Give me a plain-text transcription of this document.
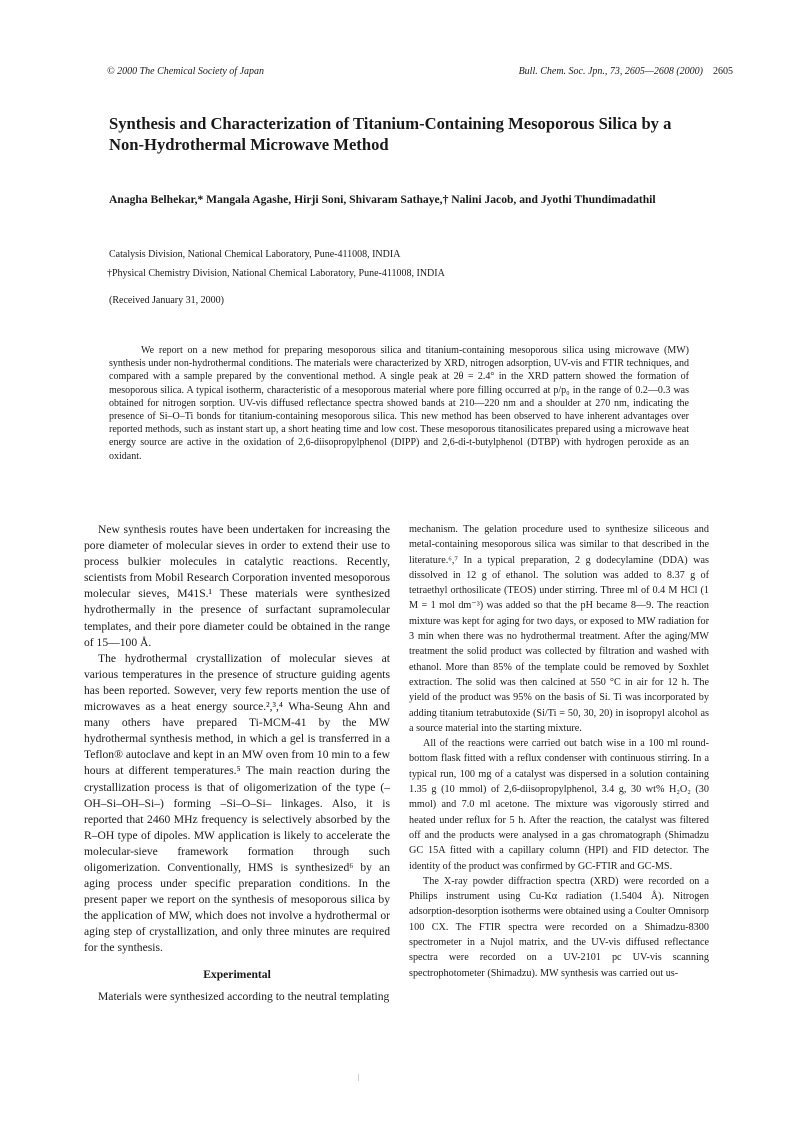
© 2000 The Chemical Society of Japan	Bull. Chem. Soc. Jpn., 73, 2605—2608 (2000) 2605
Synthesis and Characterization of Titanium-Containing Mesoporous Silica by a Non-Hydrothermal Microwave Method

Anagha Belhekar,* Mangala Agashe, Hirji Soni, Shivaram Sathaye,† Nalini Jacob, and Jyothi Thundimadathil

Catalysis Division, National Chemical Laboratory, Pune-411008, INDIA
†Physical Chemistry Division, National Chemical Laboratory, Pune-411008, INDIA
(Received January 31, 2000)

We report on a new method for preparing mesoporous silica and titanium-containing mesoporous silica using microwave (MW) synthesis under non-hydrothermal conditions. The materials were characterized by XRD, nitrogen adsorption, UV-vis and FTIR techniques, and compared with a sample prepared by the conventional method. A single peak at 2θ = 2.4° in the XRD pattern showed the formation of mesoporous silica. A typical isotherm, characteristic of a mesoporous material where pore filling occurred at p/p₀ in the range of 0.2—0.3 was obtained for nitrogen sorption. UV-vis diffused reflectance spectra showed bands at 210—220 nm and a shoulder at 270 nm, indicating the presence of Si–O–Ti bonds for titanium-containing mesoporous silica. This new method has been observed to have inherent advantages over reported methods, such as instant start up, a short heating time and low cost. These mesoporous titanosilicates prepared using a microwave heat energy source are active in the oxidation of 2,6-diisopropylphenol (DIPP) and 2,6-di-t-butylphenol (DTBP) with hydrogen peroxide as an oxidant.

New synthesis routes have been undertaken for increasing the pore diameter of molecular sieves in order to extend their use to process bulkier molecules in catalytic reactions. Recently, scientists from Mobil Research Corporation invented mesoporous molecular sieves, M41S.¹ These materials were synthesized hydrothermally in the presence of surfactant supramolecular templates, and their pore diameter could be obtained in the range of 15—100 Å.

The hydrothermal crystallization of molecular sieves at various temperatures in the presence of structure guiding agents has been reported. Sowever, very few reports mention the use of microwaves as a heat energy source.²,³,⁴ Wha-Seung Ahn and many others have prepared Ti-MCM-41 by the MW hydrothermal synthesis method, in which a gel is transferred in a Teflon® autoclave and kept in an MW oven from 10 min to a few hours at different temperatures.⁵ The main reaction during the crystallization process is that of oligomerization of the type (–OH–Si–OH–Si–) forming –Si–O–Si– linkages. Also, it is reported that 2460 MHz frequency is selectively absorbed by the R–OH type of dipoles. MW application is likely to accelerate the molecular-sieve framework formation through such oligomerization. Conventionally, HMS is synthesized⁶ by an aging process under specific preparation conditions. In the present paper we report on the synthesis of mesoporous silica by the application of MW, which does not involve a hydrothermal or aging step of crystallization, and only three minutes are required for the synthesis.

Experimental

Materials were synthesized according to the neutral templating

mechanism. The gelation procedure used to synthesize siliceous and metal-containing mesoporous silica was similar to that described in the literature.⁶,⁷ In a typical preparation, 2 g dodecylamine (DDA) was dissolved in 12 g of ethanol. The solution was added to 8.37 g of tetraethyl orthosilicate (TEOS) under stirring. Three ml of 0.4 M HCl (1 M = 1 mol dm⁻³) was added so that the pH became 8—9. The reaction mixture was kept for aging for two days, or exposed to MW radiation for 3 min when there was no hydrothermal treatment. After the aging/MW treatment the solid product was collected by filtration and washed with ethanol. More than 85% of the template could be removed by Soxhlet extraction. The solid was then calcined at 550 °C in air for 12 h. The yield of the product was 95% on the basis of Si. Ti was incorporated by adding titanium tetrabutoxide (Si/Ti = 50, 30, 20) in isopropyl alcohol as a source material into the starting mixture.

All of the reactions were carried out batch wise in a 100 ml round-bottom flask fitted with a reflux condenser with continuous stirring. In a typical run, 100 mg of a catalyst was dispersed in a solution containing 1.35 g (10 mmol) of 2,6-diisopropylphenol, 3.4 g, 30 wt% H₂O₂ (30 mmol) and 7.0 ml acetone. The mixture was vigorously stirred and heated under reflux for 5 h. After the reaction, the catalyst was filtered off and the products were analysed in a gas chromatograph (Shimadzu GC 15A fitted with a capillary column (HPI) and FID detector. The identity of the product was confirmed by GC-FTIR and GC-MS.

The X-ray powder diffraction spectra (XRD) were recorded on a Philips instrument using Cu-Kα radiation (1.5404 Å). Nitrogen adsorption-desorption isotherms were obtained using a Coulter Omnisorp 100 CX. The FTIR spectra were recorded on a Shimadzu-8300 spectrometer in a Nujol matrix, and the UV-vis diffused reflectance spectra were recorded on a UV-2101 pc UV-vis scanning spectrophotometer (Shimadzu). MW synthesis was carried out us-
